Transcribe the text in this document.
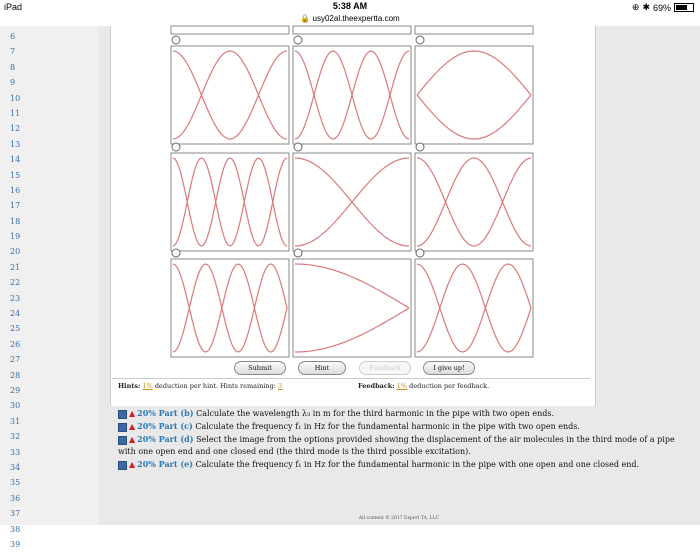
iPad	5:38 AM	⊕ ✱ 69%
🔒 usy02al.theexpertta.com
6
7
8
9
10
11
12
13
14
15
16
17
18
19
20
21
22
23
24
25
26
27
28
29
30
31
32
33
34
35
36
37
38
39
Submit	Hint	Feedback	I give up!
Hints: 1% deduction per hint. Hints remaining: 3	Feedback: 1% deduction per feedback.
▲ 20% Part (b) Calculate the wavelength λ₃ in m for the third harmonic in the pipe with two open ends.
▲ 20% Part (c) Calculate the frequency f₁ in Hz for the fundamental harmonic in the pipe with two open ends.
▲ 20% Part (d) Select the image from the options provided showing the displacement of the air molecules in the third mode of a pipe with one open end and one closed end (the third mode is the third possible excitation).
▲ 20% Part (e) Calculate the frequency f₁ in Hz for the fundamental harmonic in the pipe with one open and one closed end.
All content © 2017 Expert TA, LLC
